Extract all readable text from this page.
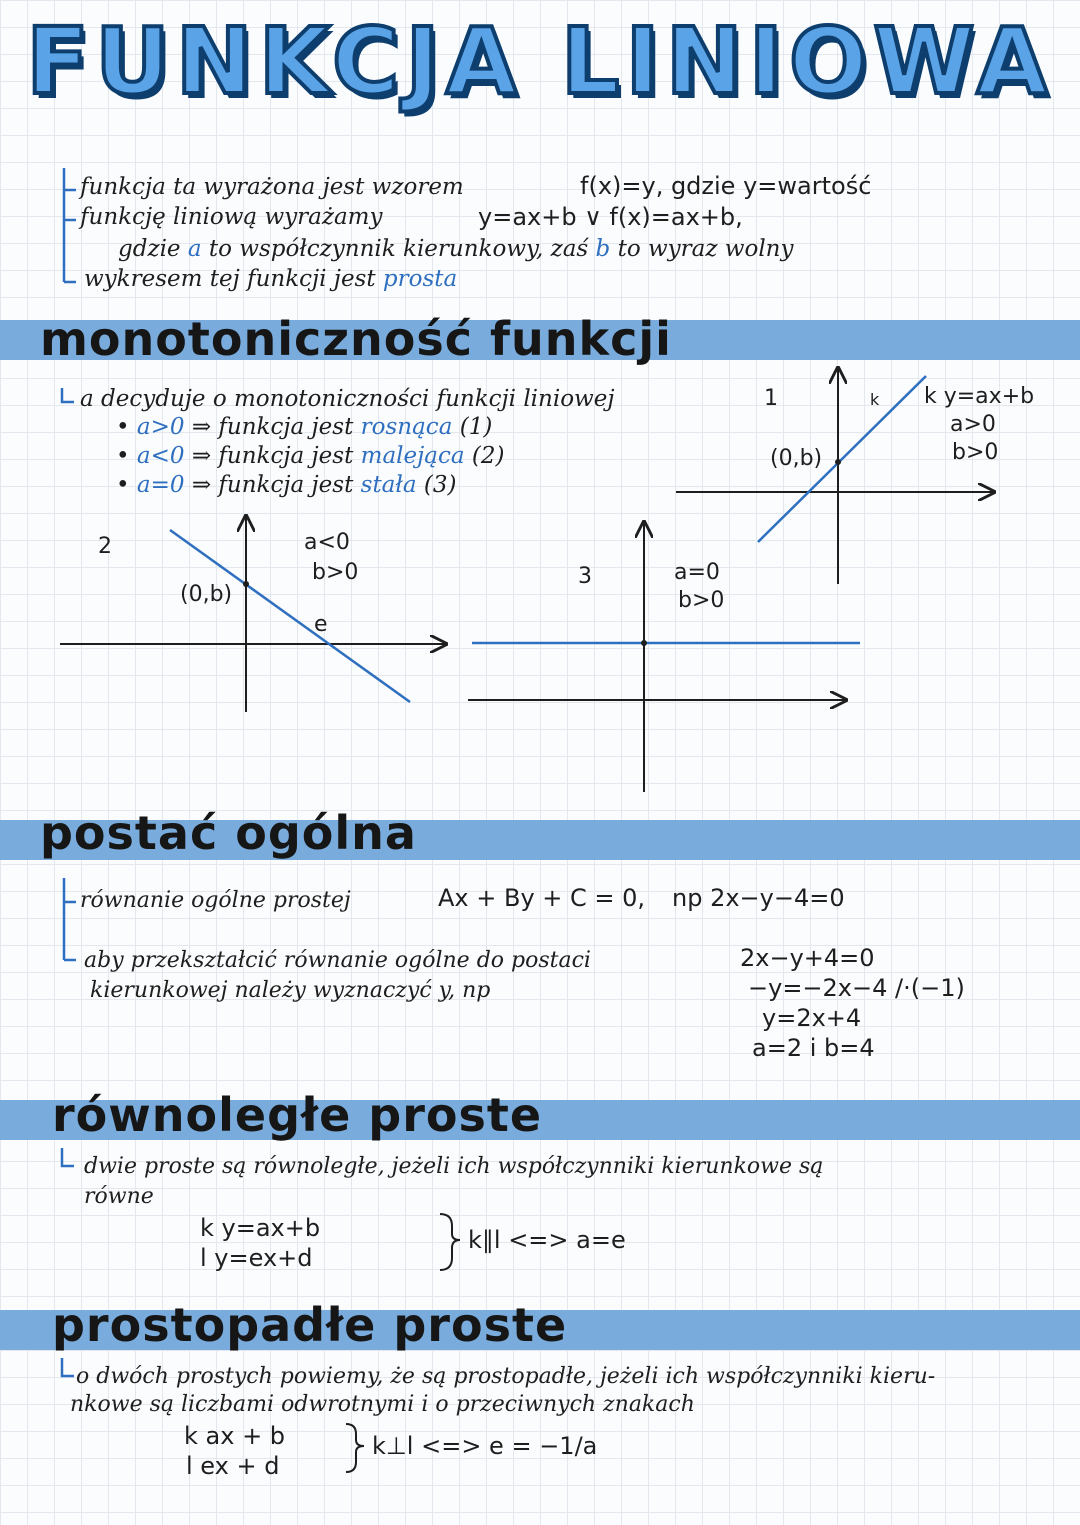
FUNKCJA LINIOWA
funkcja ta wyrażona jest wzorem	f(x)=y, gdzie y=wartość
funkcję liniową wyrażamy	y=ax+b ∨ f(x)=ax+b,
gdzie a to współczynnik kierunkowy, zaś b to wyraz wolny
wykresem tej funkcji jest prosta
monotoniczność funkcji
a decyduje o monotoniczności funkcji liniowej
• a>0 ⇒ funkcja jest rosnąca (1)
• a<0 ⇒ funkcja jest malejąca (2)
• a=0 ⇒ funkcja jest stała (3)
1
(0,b)
k k y=ax+b
a>0
b>0
2
(0,b)
e
a<0
b>0	3	a=0
b>0
postać ogólna
równanie ogólne prostej	Ax + By + C = 0, np 2x−y−4=0
aby przekształcić równanie ogólne do postaci
kierunkowej należy wyznaczyć y, np
2x−y+4=0
−y=−2x−4 /·(−1)
y=2x+4
a=2 i b=4
równoległe proste
dwie proste są równoległe, jeżeli ich współczynniki kierunkowe są
równe
k y=ax+b
l y=ex+d
k∥l <=> a=e
prostopadłe proste
o dwóch prostych powiemy, że są prostopadłe, jeżeli ich współczynniki kieru-
nkowe są liczbami odwrotnymi i o przeciwnych znakach
k ax + b
l ex + d
k⊥l <=> e = −1/a
